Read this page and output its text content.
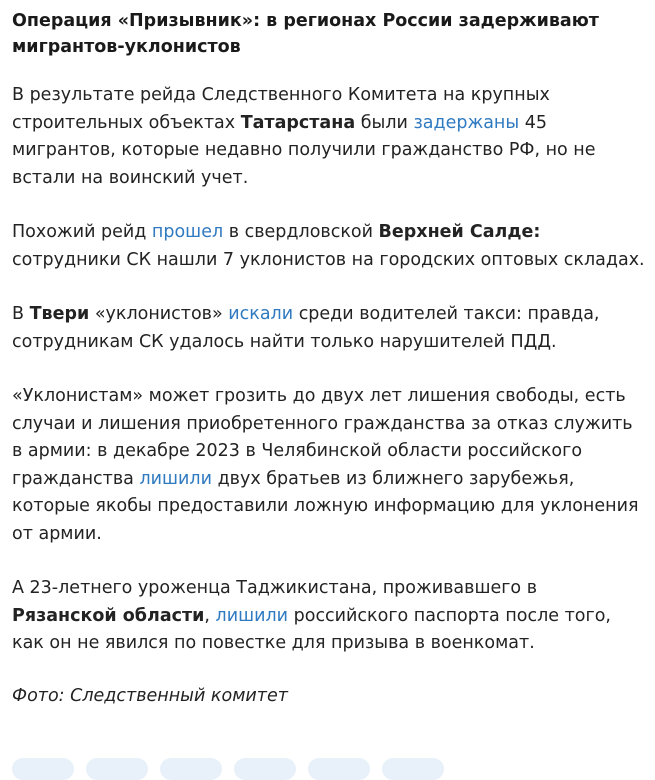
Операция «Призывник»: в регионах России задерживают мигрантов-уклонистов
В результате рейда Следственного Комитета на крупных строительных объектах Татарстана были задержаны 45 мигрантов, которые недавно получили гражданство РФ, но не встали на воинский учет.
Похожий рейд прошел в свердловской Верхней Салде: сотрудники СК нашли 7 уклонистов на городских оптовых складах.
В Твери «уклонистов» искали среди водителей такси: правда, сотрудникам СК удалось найти только нарушителей ПДД.
«Уклонистам» может грозить до двух лет лишения свободы, есть случаи и лишения приобретенного гражданства за отказ служить в армии: в декабре 2023 в Челябинской области российского гражданства лишили двух братьев из ближнего зарубежья, которые якобы предоставили ложную информацию для уклонения от армии.
А 23-летнего уроженца Таджикистана, проживавшего в Рязанской области, лишили российского паспорта после того, как он не явился по повестке для призыва в военкомат.
Фото: Следственный комитет
